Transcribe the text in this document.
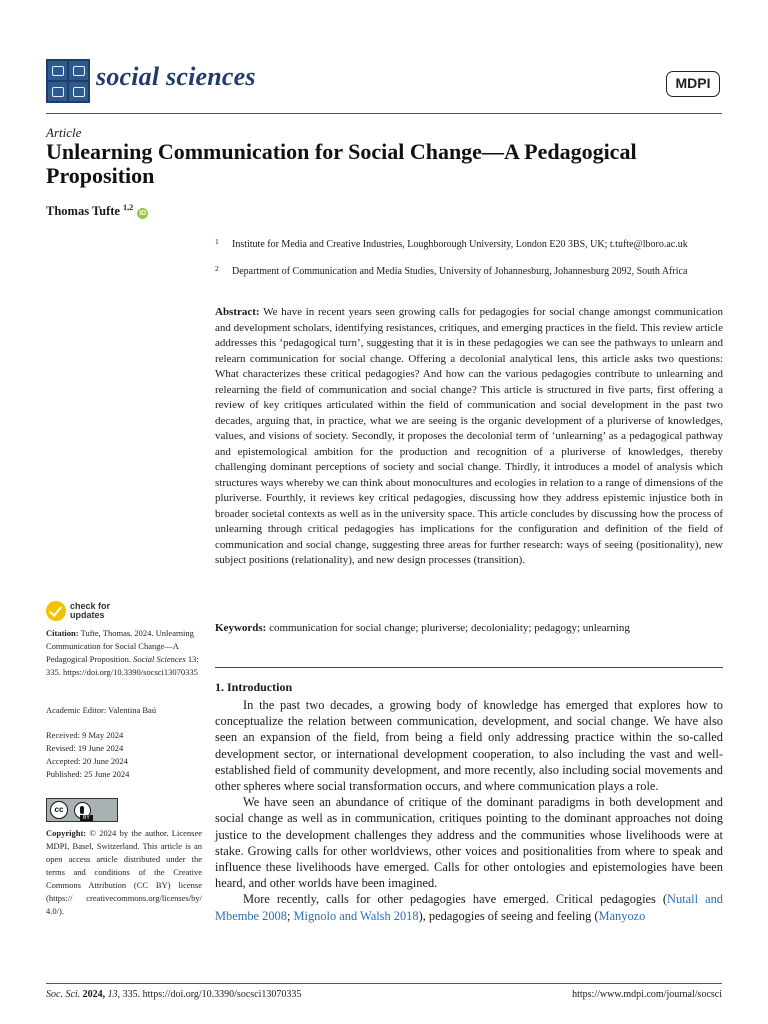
social sciences	MDPI
Article
Unlearning Communication for Social Change—A Pedagogical Proposition
Thomas Tufte $^{1,2}$ iD
1	Institute for Media and Creative Industries, Loughborough University, London E20 3BS, UK; t.tufte@lboro.ac.uk
2	Department of Communication and Media Studies, University of Johannesburg, Johannesburg 2092, South Africa
Abstract: We have in recent years seen growing calls for pedagogies for social change amongst communication and development scholars, identifying resistances, critiques, and emerging practices in the field. This review article addresses this ‘pedagogical turn’, suggesting that it is in these pedagogies we can see the pathways to unlearn and relearn communication for social change. Offering a decolonial analytical lens, this article asks two questions: What characterizes these critical pedagogies? And how can the various pedagogies contribute to unlearning and relearning the field of communication and social change? This article is structured in five parts, first offering a review of key critiques articulated within the field of communication and social development in the past two decades, arguing that, in practice, what we are seeing is the organic development of a pluriverse of knowledges, values, and visions of society. Secondly, it proposes the decolonial term of ‘unlearning’ as a pedagogical pathway and epistemological ambition for the production and recognition of a pluriverse of knowledges, thereby challenging dominant perceptions of society and social change. Thirdly, it introduces a model of analysis which structures ways whereby we can think about monocultures and ecologies in relation to a range of dimensions of the pluriverse. Fourthly, it reviews key critical pedagogies, discussing how they address epistemic injustice both in broader societal contexts as well as in the university space. This article concludes by discussing how the process of unlearning through critical pedagogies has implications for the configuration and definition of the field of communication and social change, suggesting three areas for further research: ways of seeing (positionality), new subject positions (relationality), and new design processes (transition).
Keywords: communication for social change; pluriverse; decoloniality; pedagogy; unlearning
check for
updates
Citation: Tufte, Thomas. 2024. Unlearning Communication for Social Change—A Pedagogical Proposition. Social Sciences 13: 335. https://doi.org/10.3390/socsci13070335
Academic Editor: Valentina Baú
Received: 9 May 2024
Revised: 19 June 2024
Accepted: 20 June 2024
Published: 25 June 2024
cc
BY
Copyright: © 2024 by the author. Licensee MDPI, Basel, Switzerland. This article is an open access article distributed under the terms and conditions of the Creative Commons Attribution (CC BY) license (https:// creativecommons.org/licenses/by/ 4.0/).
1. Introduction

In the past two decades, a growing body of knowledge has emerged that explores how to conceptualize the relation between communication, development, and social change. We have also seen an expansion of the field, from being a field only addressing practice within the so-called development sector, or international development cooperation, to also including the vast and well-established field of community development, and more recently, also including social movements and other spheres where social transformation occurs, and where communication plays a role.

We have seen an abundance of critique of the dominant paradigms in both development and social change as well as in communication, critiques pointing to the dominant approaches not doing justice to the development challenges they address and the communities whose livelihoods were at stake. Growing calls for other worldviews, other voices and positionalities from where to speak and influence these livelihoods have emerged. Calls for other ontologies and epistemologies have been heard, and other worlds have been imagined.

More recently, calls for other pedagogies have emerged. Critical pedagogies (Nutall and Mbembe 2008; Mignolo and Walsh 2018), pedagogies of seeing and feeling (Manyozo

Soc. Sci. 2024, 13, 335. https://doi.org/10.3390/socsci13070335	https://www.mdpi.com/journal/socsci
